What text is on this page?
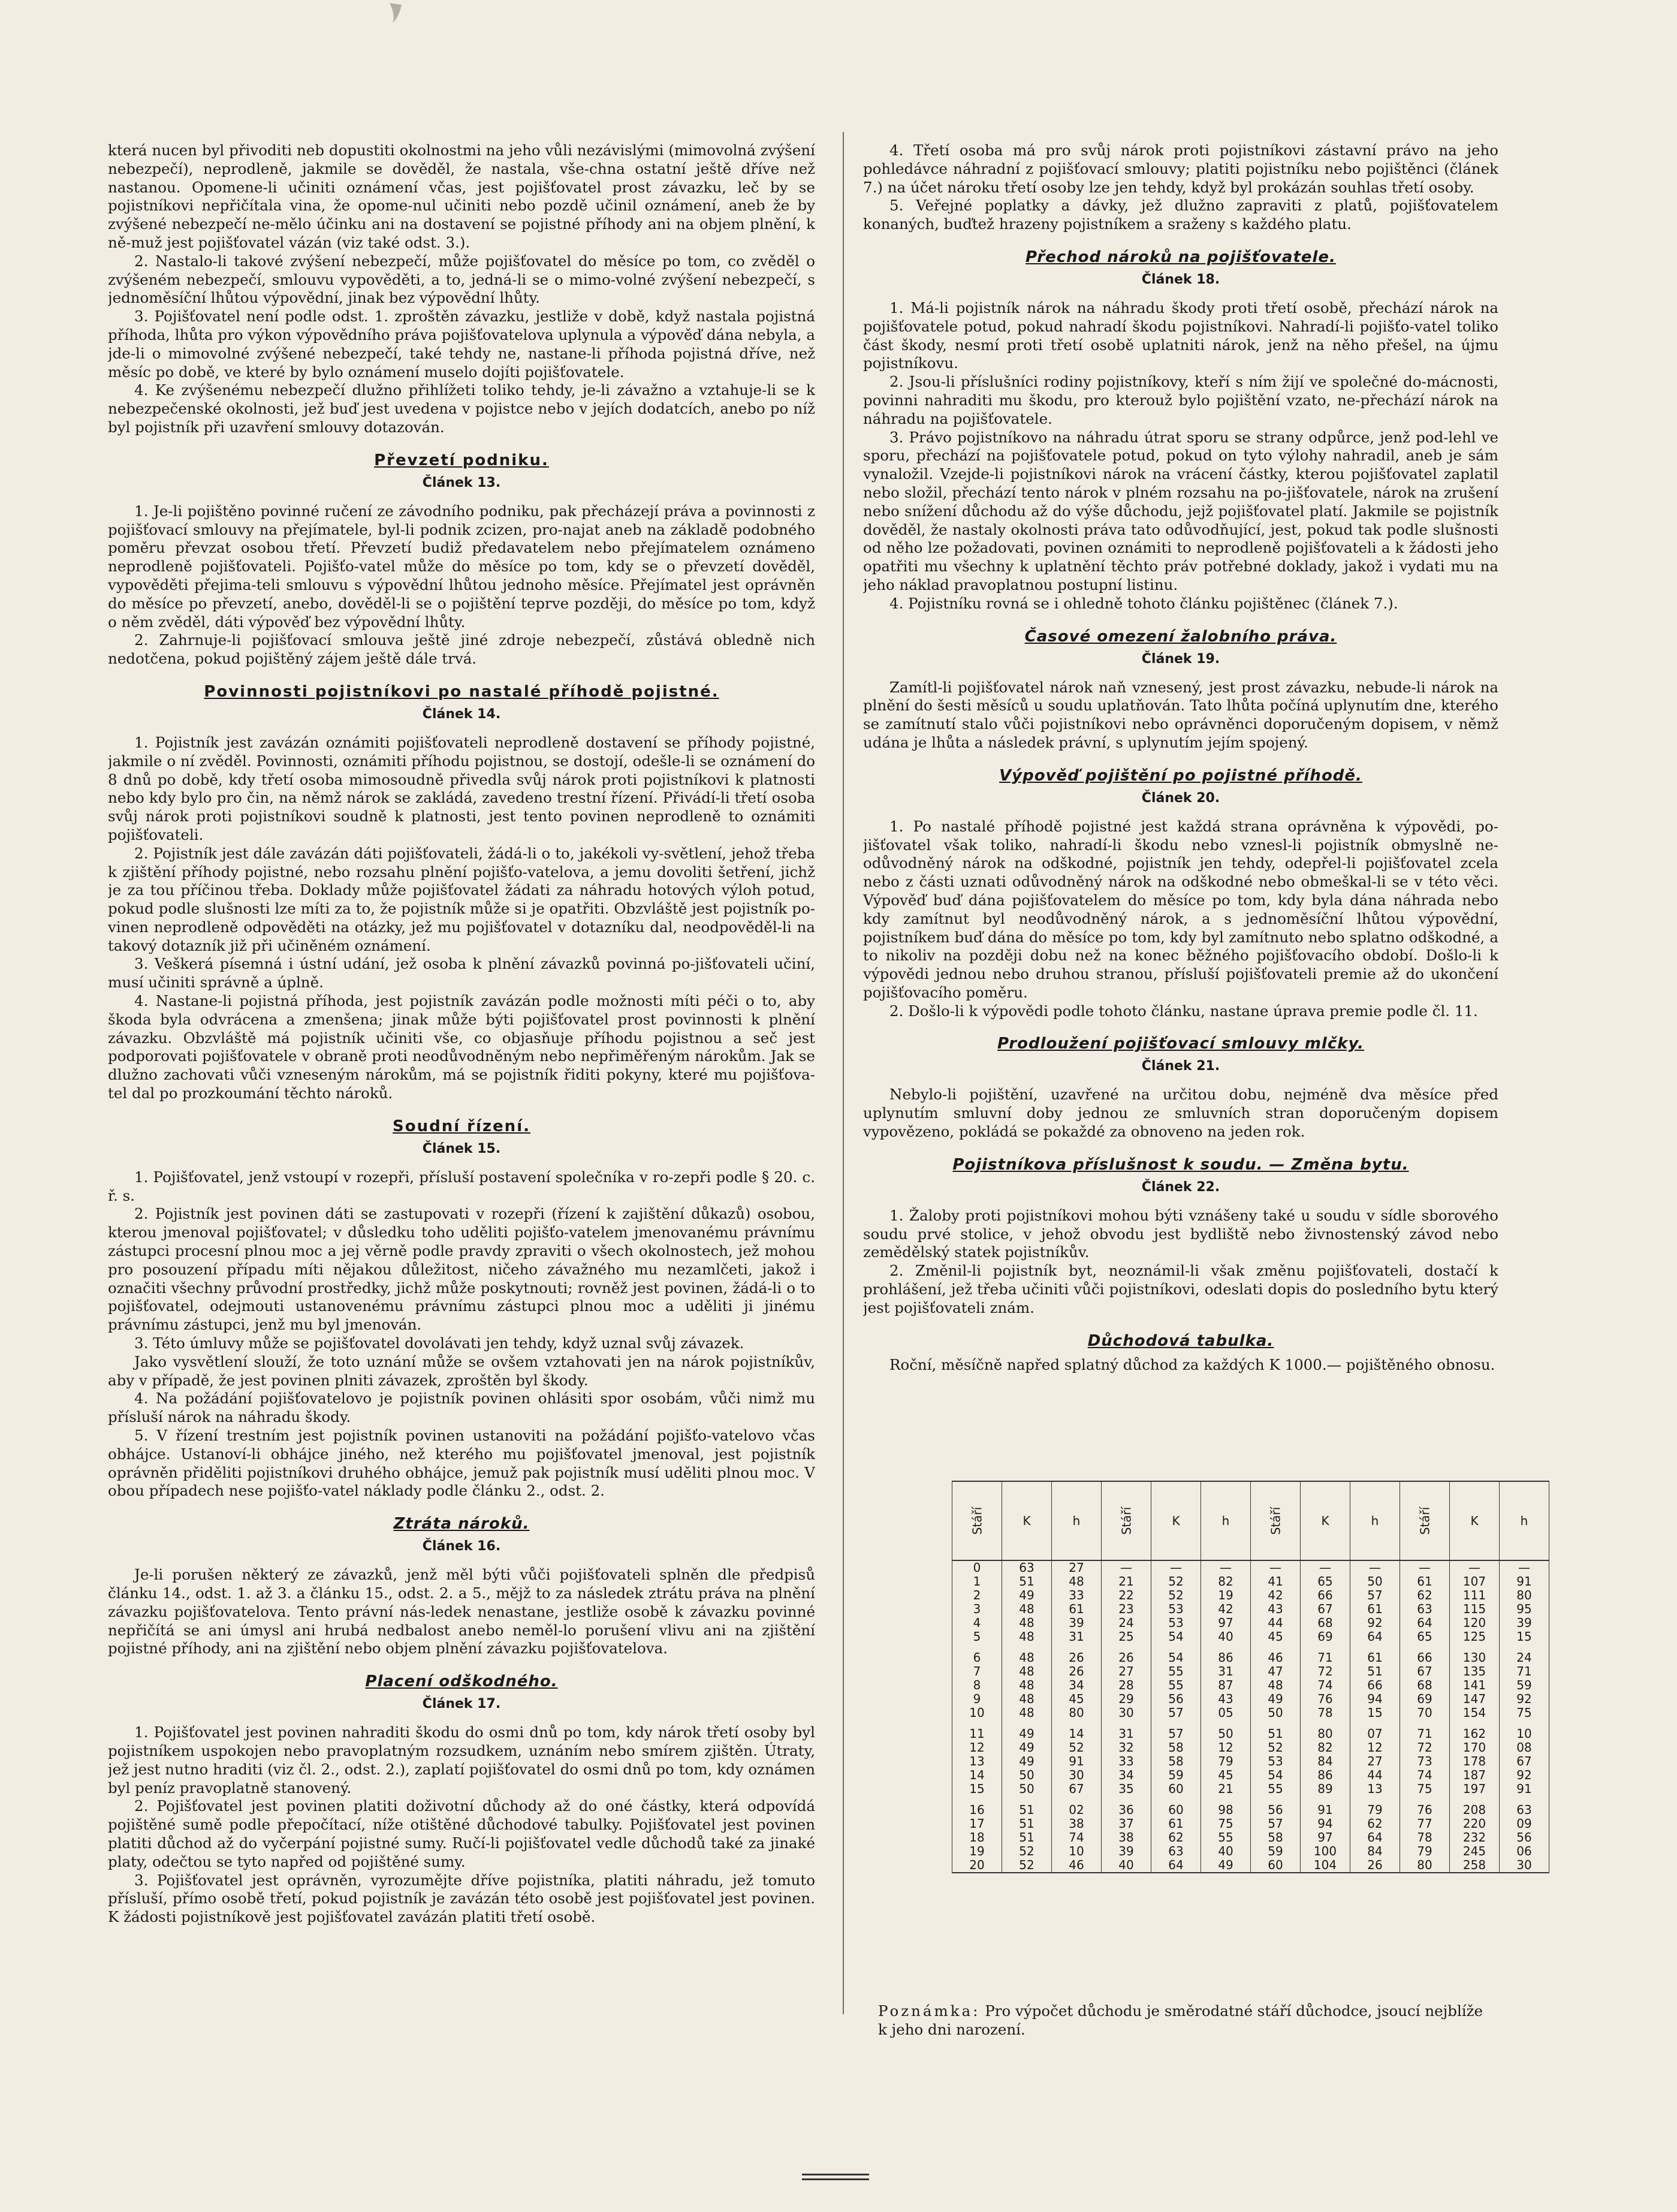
která nucen byl přivoditi neb dopustiti okolnostmi na jeho vůli nezávislými (mimovolná zvýšení nebezpečí), neprodleně, jakmile se dověděl, že nastala, vše-chna ostatní ještě dříve než nastanou. Opomene-li učiniti oznámení včas, jest pojišťovatel prost závazku, leč by se pojistníkovi nepřičítala vina, že opome-nul učiniti nebo pozdě učinil oznámení, aneb že by zvýšené nebezpečí ne-mělo účinku ani na dostavení se pojistné příhody ani na objem plnění, k ně-muž jest pojišťovatel vázán (viz také odst. 3.).

2. Nastalo-li takové zvýšení nebezpečí, může pojišťovatel do měsíce po tom, co zvěděl o zvýšeném nebezpečí, smlouvu vypověděti, a to, jedná-li se o mimo-volné zvýšení nebezpečí, s jednoměsíční lhůtou výpovědní, jinak bez výpovědní lhůty.

3. Pojišťovatel není podle odst. 1. zproštěn závazku, jestliže v době, když nastala pojistná příhoda, lhůta pro výkon výpovědního práva pojišťovatelova uplynula a výpověď dána nebyla, a jde-li o mimovolné zvýšené nebezpečí, také tehdy ne, nastane-li příhoda pojistná dříve, než měsíc po době, ve které by bylo oznámení muselo dojíti pojišťovatele.

4. Ke zvýšenému nebezpečí dlužno přihlížeti toliko tehdy, je-li závažno a vztahuje-li se k nebezpečenské okolnosti, jež buď jest uvedena v pojistce nebo v jejích dodatcích, anebo po níž byl pojistník při uzavření smlouvy dotazován.

Převzetí podniku.
Článek 13.

1. Je-li pojištěno povinné ručení ze závodního podniku, pak přecházejí práva a povinnosti z pojišťovací smlouvy na přejímatele, byl-li podnik zcizen, pro-najat aneb na základě podobného poměru převzat osobou třetí. Převzetí budiž předavatelem nebo přejímatelem oznámeno neprodleně pojišťovateli. Pojišťo-vatel může do měsíce po tom, kdy se o převzetí dověděl, vypověděti přejima-teli smlouvu s výpovědní lhůtou jednoho měsíce. Přejímatel jest oprávněn do měsíce po převzetí, anebo, dověděl-li se o pojištění teprve později, do měsíce po tom, když o něm zvěděl, dáti výpověď bez výpovědní lhůty.

2. Zahrnuje-li pojišťovací smlouva ještě jiné zdroje nebezpečí, zůstává obledně nich nedotčena, pokud pojištěný zájem ještě dále trvá.

Povinnosti pojistníkovi po nastalé příhodě pojistné.
Článek 14.

1. Pojistník jest zavázán oznámiti pojišťovateli neprodleně dostavení se příhody pojistné, jakmile o ní zvěděl. Povinnosti, oznámiti příhodu pojistnou, se dostojí, odešle-li se oznámení do 8 dnů po době, kdy třetí osoba mimosoudně přivedla svůj nárok proti pojistníkovi k platnosti nebo kdy bylo pro čin, na němž nárok se zakládá, zavedeno trestní řízení. Přivádí-li třetí osoba svůj nárok proti pojistníkovi soudně k platnosti, jest tento povinen neprodleně to oznámiti pojišťovateli.

2. Pojistník jest dále zavázán dáti pojišťovateli, žádá-li o to, jakékoli vy-světlení, jehož třeba k zjištění příhody pojistné, nebo rozsahu plnění pojišťo-vatelova, a jemu dovoliti šetření, jichž je za tou příčinou třeba. Doklady může pojišťovatel žádati za náhradu hotových výloh potud, pokud podle slušnosti lze míti za to, že pojistník může si je opatřiti. Obzvláště jest pojistník po-vinen neprodleně odpověděti na otázky, jež mu pojišťovatel v dotazníku dal, neodpověděl-li na takový dotazník již při učiněném oznámení.

3. Veškerá písemná i ústní udání, jež osoba k plnění závazků povinná po-jišťovateli učiní, musí učiniti správně a úplně.

4. Nastane-li pojistná příhoda, jest pojistník zavázán podle možnosti míti péči o to, aby škoda byla odvrácena a zmenšena; jinak může býti pojišťovatel prost povinnosti k plnění závazku. Obzvláště má pojistník učiniti vše, co objasňuje příhodu pojistnou a seč jest podporovati pojišťovatele v obraně proti neodůvodněným nebo nepřiměřeným nárokům. Jak se dlužno zachovati vůči vzneseným nárokům, má se pojistník řiditi pokyny, které mu pojišťova-tel dal po prozkoumání těchto nároků.

Soudní řízení.
Článek 15.

1. Pojišťovatel, jenž vstoupí v rozepři, přísluší postavení společníka v ro-zepři podle § 20. c. ř. s.

2. Pojistník jest povinen dáti se zastupovati v rozepři (řízení k zajištění důkazů) osobou, kterou jmenoval pojišťovatel; v důsledku toho uděliti pojišťo-vatelem jmenovanému právnímu zástupci procesní plnou moc a jej věrně podle pravdy zpraviti o všech okolnostech, jež mohou pro posouzení případu míti nějakou důležitost, ničeho závažného mu nezamlčeti, jakož i označiti všechny průvodní prostředky, jichž může poskytnouti; rovněž jest povinen, žádá-li o to pojišťovatel, odejmouti ustanovenému právnímu zástupci plnou moc a uděliti ji jinému právnímu zástupci, jenž mu byl jmenován.

3. Této úmluvy může se pojišťovatel dovolávati jen tehdy, když uznal svůj závazek.

Jako vysvětlení slouží, že toto uznání může se ovšem vztahovati jen na nárok pojistníkův, aby v případě, že jest povinen plniti závazek, zproštěn byl škody.

4. Na požádání pojišťovatelovo je pojistník povinen ohlásiti spor osobám, vůči nimž mu přísluší nárok na náhradu škody.

5. V řízení trestním jest pojistník povinen ustanoviti na požádání pojišťo-vatelovo včas obhájce. Ustanoví-li obhájce jiného, než kterého mu pojišťovatel jmenoval, jest pojistník oprávněn přiděliti pojistníkovi druhého obhájce, jemuž pak pojistník musí uděliti plnou moc. V obou případech nese pojišťo-vatel náklady podle článku 2., odst. 2.

Ztráta nároků.
Článek 16.

Je-li porušen některý ze závazků, jenž měl býti vůči pojišťovateli splněn dle předpisů článku 14., odst. 1. až 3. a článku 15., odst. 2. a 5., mějž to za následek ztrátu práva na plnění závazku pojišťovatelova. Tento právní nás-ledek nenastane, jestliže osobě k závazku povinné nepřičítá se ani úmysl ani hrubá nedbalost anebo neměl-lo porušení vlivu ani na zjištění pojistné příhody, ani na zjištění nebo objem plnění závazku pojišťovatelova.

Placení odškodného.
Článek 17.

1. Pojišťovatel jest povinen nahraditi škodu do osmi dnů po tom, kdy nárok třetí osoby byl pojistníkem uspokojen nebo pravoplatným rozsudkem, uznáním nebo smírem zjištěn. Útraty, jež jest nutno hraditi (viz čl. 2., odst. 2.), zaplatí pojišťovatel do osmi dnů po tom, kdy oznámen byl peníz pravoplatně stanovený.

2. Pojišťovatel jest povinen platiti doživotní důchody až do oné částky, která odpovídá pojištěné sumě podle přepočítací, níže otištěné důchodové tabulky. Pojišťovatel jest povinen platiti důchod až do vyčerpání pojistné sumy. Ručí-li pojišťovatel vedle důchodů také za jinaké platy, odečtou se tyto napřed od pojištěné sumy.

3. Pojišťovatel jest oprávněn, vyrozumějte dříve pojistníka, platiti náhradu, jež tomuto přísluší, přímo osobě třetí, pokud pojistník je zavázán této osobě jest pojišťovatel jest povinen. K žádosti pojistníkově jest pojišťovatel zavázán platiti třetí osobě.

4. Třetí osoba má pro svůj nárok proti pojistníkovi zástavní právo na jeho pohledávce náhradní z pojišťovací smlouvy; platiti pojistníku nebo pojištěnci (článek 7.) na účet nároku třetí osoby lze jen tehdy, když byl prokázán souhlas třetí osoby.

5. Veřejné poplatky a dávky, jež dlužno zapraviti z platů, pojišťovatelem konaných, buďtež hrazeny pojistníkem a sraženy s každého platu.

Přechod nároků na pojišťovatele.
Článek 18.

1. Má-li pojistník nárok na náhradu škody proti třetí osobě, přechází nárok na pojišťovatele potud, pokud nahradí škodu pojistníkovi. Nahradí-li pojišťo-vatel toliko část škody, nesmí proti třetí osobě uplatniti nárok, jenž na něho přešel, na újmu pojistníkovu.

2. Jsou-li příslušníci rodiny pojistníkovy, kteří s ním žijí ve společné do-mácnosti, povinni nahraditi mu škodu, pro kterouž bylo pojištění vzato, ne-přechází nárok na náhradu na pojišťovatele.

3. Právo pojistníkovo na náhradu útrat sporu se strany odpůrce, jenž pod-lehl ve sporu, přechází na pojišťovatele potud, pokud on tyto výlohy nahradil, aneb je sám vynaložil. Vzejde-li pojistníkovi nárok na vrácení částky, kterou pojišťovatel zaplatil nebo složil, přechází tento nárok v plném rozsahu na po-jišťovatele, nárok na zrušení nebo snížení důchodu až do výše důchodu, jejž pojišťovatel platí. Jakmile se pojistník dověděl, že nastaly okolnosti práva tato odůvodňující, jest, pokud tak podle slušnosti od něho lze požadovati, povinen oznámiti to neprodleně pojišťovateli a k žádosti jeho opatřiti mu všechny k uplatnění těchto práv potřebné doklady, jakož i vydati mu na jeho náklad pravoplatnou postupní listinu.

4. Pojistníku rovná se i ohledně tohoto článku pojištěnec (článek 7.).

Časové omezení žalobního práva.
Článek 19.

Zamítl-li pojišťovatel nárok naň vznesený, jest prost závazku, nebude-li nárok na plnění do šesti měsíců u soudu uplatňován. Tato lhůta počíná uplynutím dne, kterého se zamítnutí stalo vůči pojistníkovi nebo oprávněnci doporučeným dopisem, v němž udána je lhůta a následek právní, s uplynutím jejím spojený.

Výpověď pojištění po pojistné příhodě.
Článek 20.

1. Po nastalé příhodě pojistné jest každá strana oprávněna k výpovědi, po-jišťovatel však toliko, nahradí-li škodu nebo vznesl-li pojistník obmyslně ne-odůvodněný nárok na odškodné, pojistník jen tehdy, odepřel-li pojišťovatel zcela nebo z části uznati odůvodněný nárok na odškodné nebo obmeškal-li se v této věci. Výpověď buď dána pojišťovatelem do měsíce po tom, kdy byla dána náhrada nebo kdy zamítnut byl neodůvodněný nárok, a s jednoměsíční lhůtou výpovědní, pojistníkem buď dána do měsíce po tom, kdy byl zamítnuto nebo splatno odškodné, a to nikoliv na později dobu než na konec běžného pojišťovacího období. Došlo-li k výpovědi jednou nebo druhou stranou, přísluší pojišťovateli premie až do ukončení pojišťovacího poměru.

2. Došlo-li k výpovědi podle tohoto článku, nastane úprava premie podle čl. 11.

Prodloužení pojišťovací smlouvy mlčky.
Článek 21.

Nebylo-li pojištění, uzavřené na určitou dobu, nejméně dva měsíce před uplynutím smluvní doby jednou ze smluvních stran doporučeným dopisem vypovězeno, pokládá se pokaždé za obnoveno na jeden rok.

Pojistníkova příslušnost k soudu. — Změna bytu.
Článek 22.

1. Žaloby proti pojistníkovi mohou býti vznášeny také u soudu v sídle sborového soudu prvé stolice, v jehož obvodu jest bydliště nebo živnostenský závod nebo zemědělský statek pojistníkův.

2. Změnil-li pojistník byt, neoznámil-li však změnu pojišťovateli, dostačí k prohlášení, jež třeba učiniti vůči pojistníkovi, odeslati dopis do posledního bytu který jest pojišťovateli znám.

Důchodová tabulka.

Roční, měsíčně napřed splatný důchod za každých K 1000.— pojištěného obnosu.

Stáří	K	h	Stáří	K	h	Stáří	K	h	Stáří	K	h
0	63	27	—	—	—	—	—	—	—	—	—
1	51	48	21	52	82	41	65	50	61	107	91
2	49	33	22	52	19	42	66	57	62	111	80
3	48	61	23	53	42	43	67	61	63	115	95
4	48	39	24	53	97	44	68	92	64	120	39
5	48	31	25	54	40	45	69	64	65	125	15

6	48	26	26	54	86	46	71	61	66	130	24
7	48	26	27	55	31	47	72	51	67	135	71
8	48	34	28	55	87	48	74	66	68	141	59
9	48	45	29	56	43	49	76	94	69	147	92
10	48	80	30	57	05	50	78	15	70	154	75

11	49	14	31	57	50	51	80	07	71	162	10
12	49	52	32	58	12	52	82	12	72	170	08
13	49	91	33	58	79	53	84	27	73	178	67
14	50	30	34	59	45	54	86	44	74	187	92
15	50	67	35	60	21	55	89	13	75	197	91

16	51	02	36	60	98	56	91	79	76	208	63
17	51	38	37	61	75	57	94	62	77	220	09
18	51	74	38	62	55	58	97	64	78	232	56
19	52	10	39	63	40	59	100	84	79	245	06
20	52	46	40	64	49	60	104	26	80	258	30
Poznámka: Pro výpočet důchodu je směrodatné stáří důchodce, jsoucí nejblíže k jeho dni narození.
